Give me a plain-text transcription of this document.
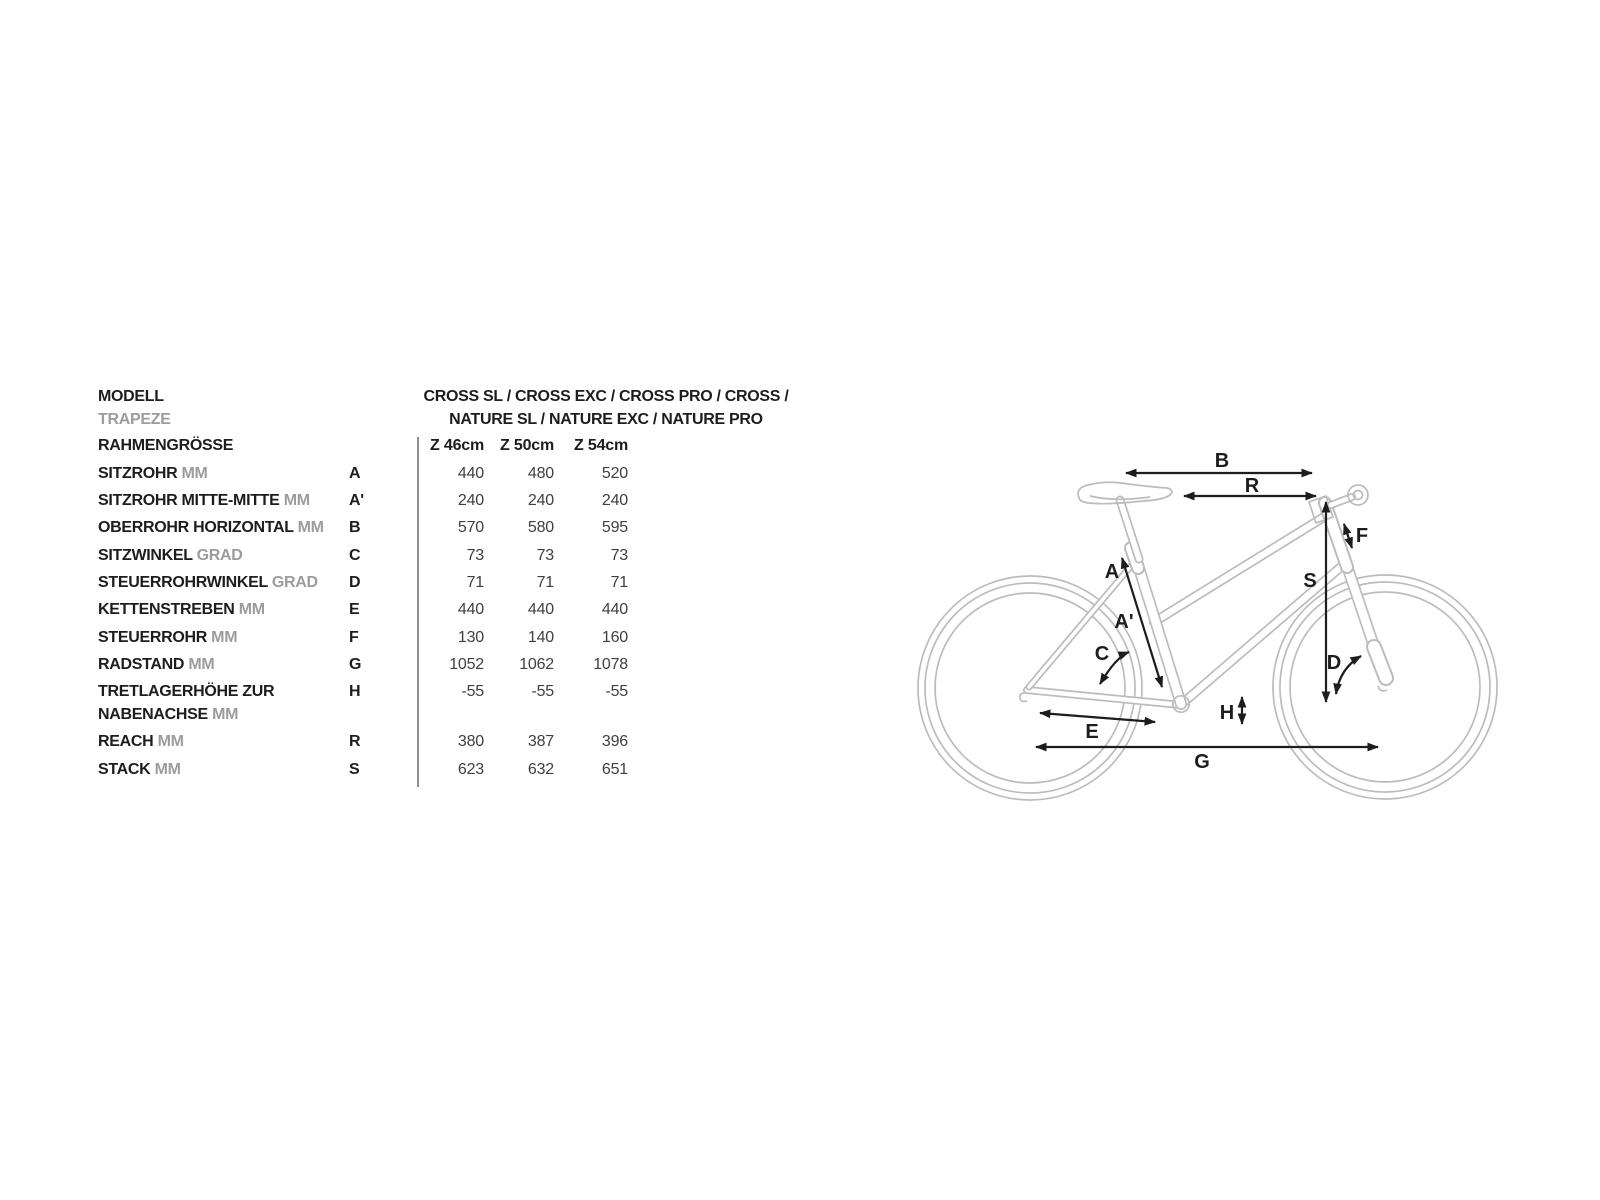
MODELL
TRAPEZE
CROSS SL / CROSS EXC / CROSS PRO / CROSS /
NATURE SL / NATURE EXC / NATURE PRO
RAHMENGRÖSSE	Z 46cm	Z 50cm	Z 54cm
SITZROHR MM	A	440	480	520
SITZROHR MITTE-MITTE MM A'	240	240	240
OBERROHR HORIZONTAL MM B	570	580	595
SITZWINKEL GRAD	C	73	73	73
STEUERROHRWINKEL GRAD D	71	71	71
KETTENSTREBEN MM	E	440	440	440
STEUERROHR MM	F	130	140	160
RADSTAND MM	G	1052	1062	1078
TRETLAGERHÖHE ZUR	H	-55	-55	-55
NABENACHSE MM
REACH MM	R	380	387	396
STACK MM	S	623	632	651
A
A'
B
C	D
E
F
G
H
R
S
